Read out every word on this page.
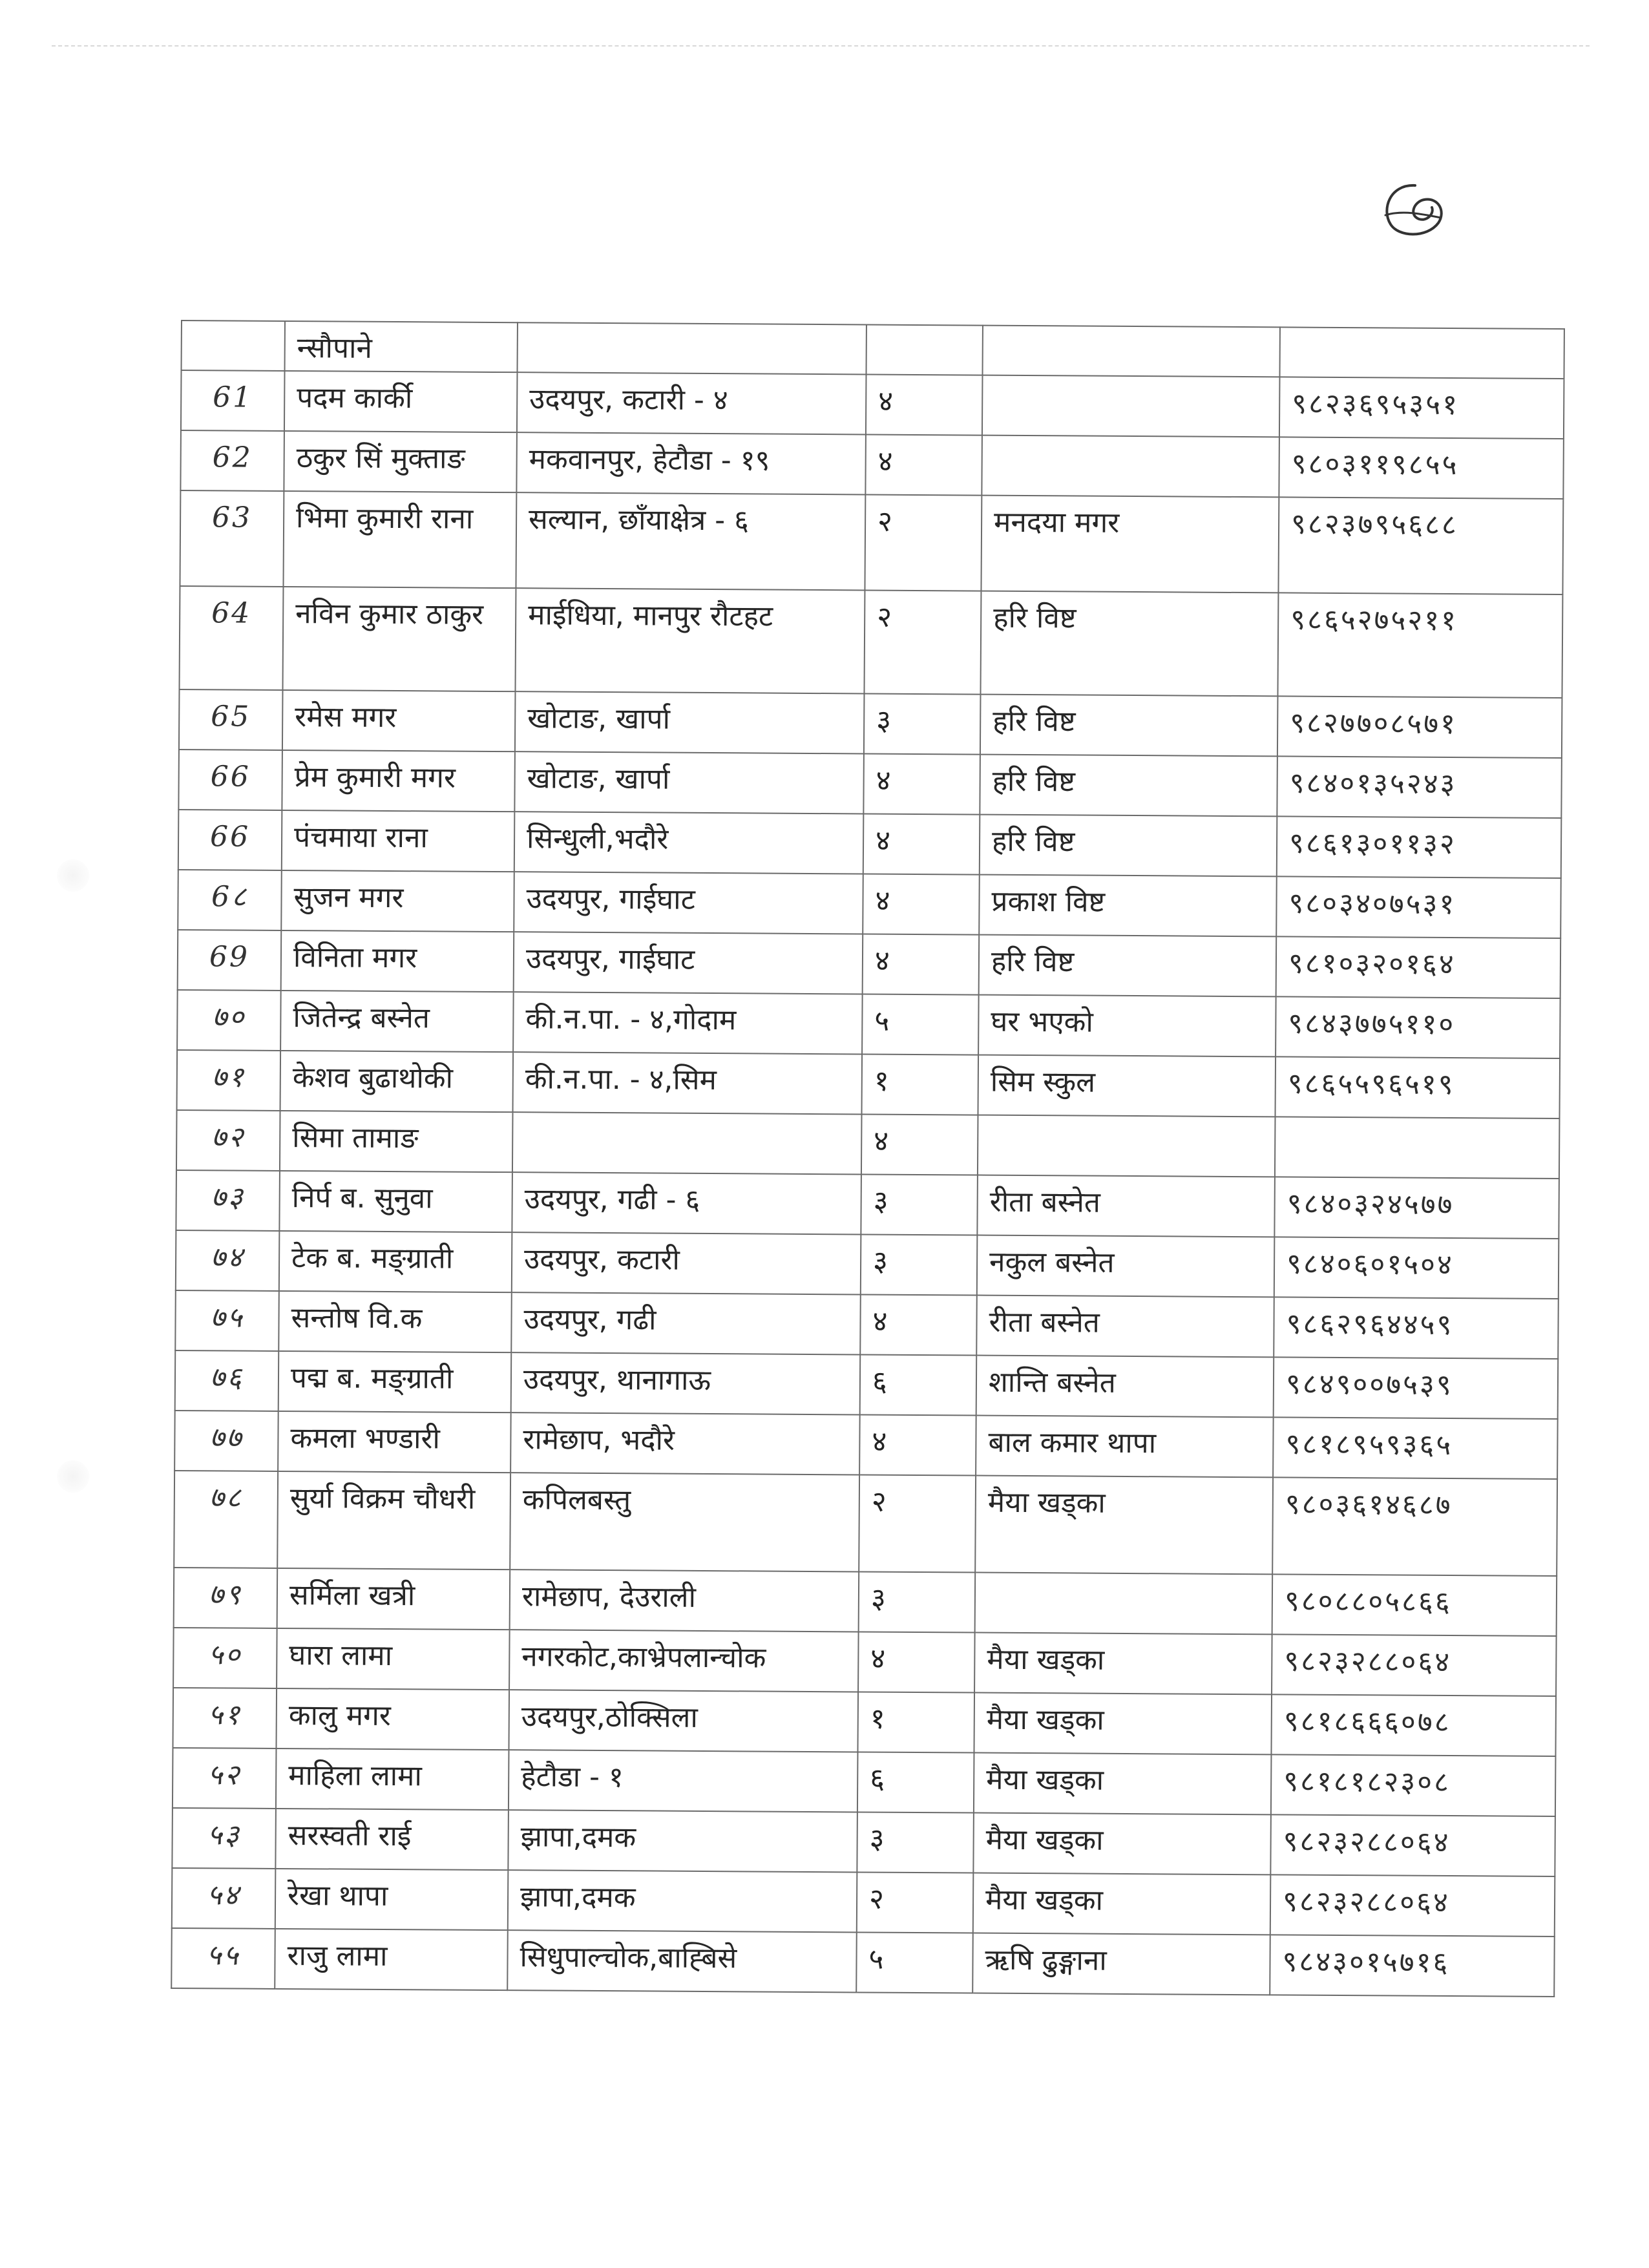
	न्सौपाने				
61	पदम कार्की	उदयपुर, कटारी - ४	४		९८२३६९५३५१
62	ठकुर सिं मुक्ताङ	मकवानपुर, हेटौडा - १९	४		९८०३११९८५५
63	भिमा कुमारी राना	सल्यान, छाँयाक्षेत्र - ६	२	मनदया मगर	९८२३७९५६८८
64	नविन कुमार ठाकुर	माईधिया, मानपुर रौटहट	२	हरि विष्ट	९८६५२७५२११
65	रमेस मगर	खोटाङ, खार्पा	३	हरि विष्ट	९८२७७०८५७१
66	प्रेम कुमारी मगर	खोटाङ, खार्पा	४	हरि विष्ट	९८४०१३५२४३
66	पंचमाया राना	सिन्धुली,भदौरे	४	हरि विष्ट	९८६१३०११३२
6८	सुजन मगर	उदयपुर, गाईघाट	४	प्रकाश विष्ट	९८०३४०७५३१
69	विनिता मगर	उदयपुर, गाईघाट	४	हरि विष्ट	९८१०३२०१६४
७०	जितेन्द्र बस्नेत	की.न.पा. - ४,गोदाम	५	घर भएको	९८४३७७५११०
७१	केशव बुढाथोकी	की.न.पा. - ४,सिम	१	सिम स्कुल	९८६५५९६५१९
७२	सिमा तामाङ		४		
७३	निर्प ब. सुनुवा	उदयपुर, गढी - ६	३	रीता बस्नेत	९८४०३२४५७७
७४	टेक ब. मङ्ग्राती	उदयपुर, कटारी	३	नकुल बस्नेत	९८४०६०१५०४
७५	सन्तोष वि.क	उदयपुर, गढी	४	रीता बस्नेत	९८६२९६४४५९
७६	पद्म ब. मङ्ग्राती	उदयपुर, थानागाऊ	६	शान्ति बस्नेत	९८४९००७५३९
७७	कमला भण्डारी	रामेछाप, भदौरे	४	बाल कमार थापा	९८१८९५९३६५
७८	सुर्या विक्रम चौधरी	कपिलबस्तु	२	मैया खड्का	९८०३६१४६८७
७९	सर्मिला खत्री	रामेछाप, देउराली	३		९८०८८०५८६६
५०	घारा लामा	नगरकोट,काभ्रेपलान्चोक	४	मैया खड्का	९८२३२८८०६४
५१	कालु मगर	उदयपुर,ठोक्सिला	१	मैया खड्का	९८१८६६६०७८
५२	माहिला लामा	हेटौडा - १	६	मैया खड्का	९८१८१८२३०८
५३	सरस्वती राई	झापा,दमक	३	मैया खड्का	९८२३२८८०६४
५४	रेखा थापा	झापा,दमक	२	मैया खड्का	९८२३२८८०६४
५५	राजु लामा	सिधुपाल्चोक,बाह्बिसे	५	ऋषि ढुङ्गाना	९८४३०१५७१६
